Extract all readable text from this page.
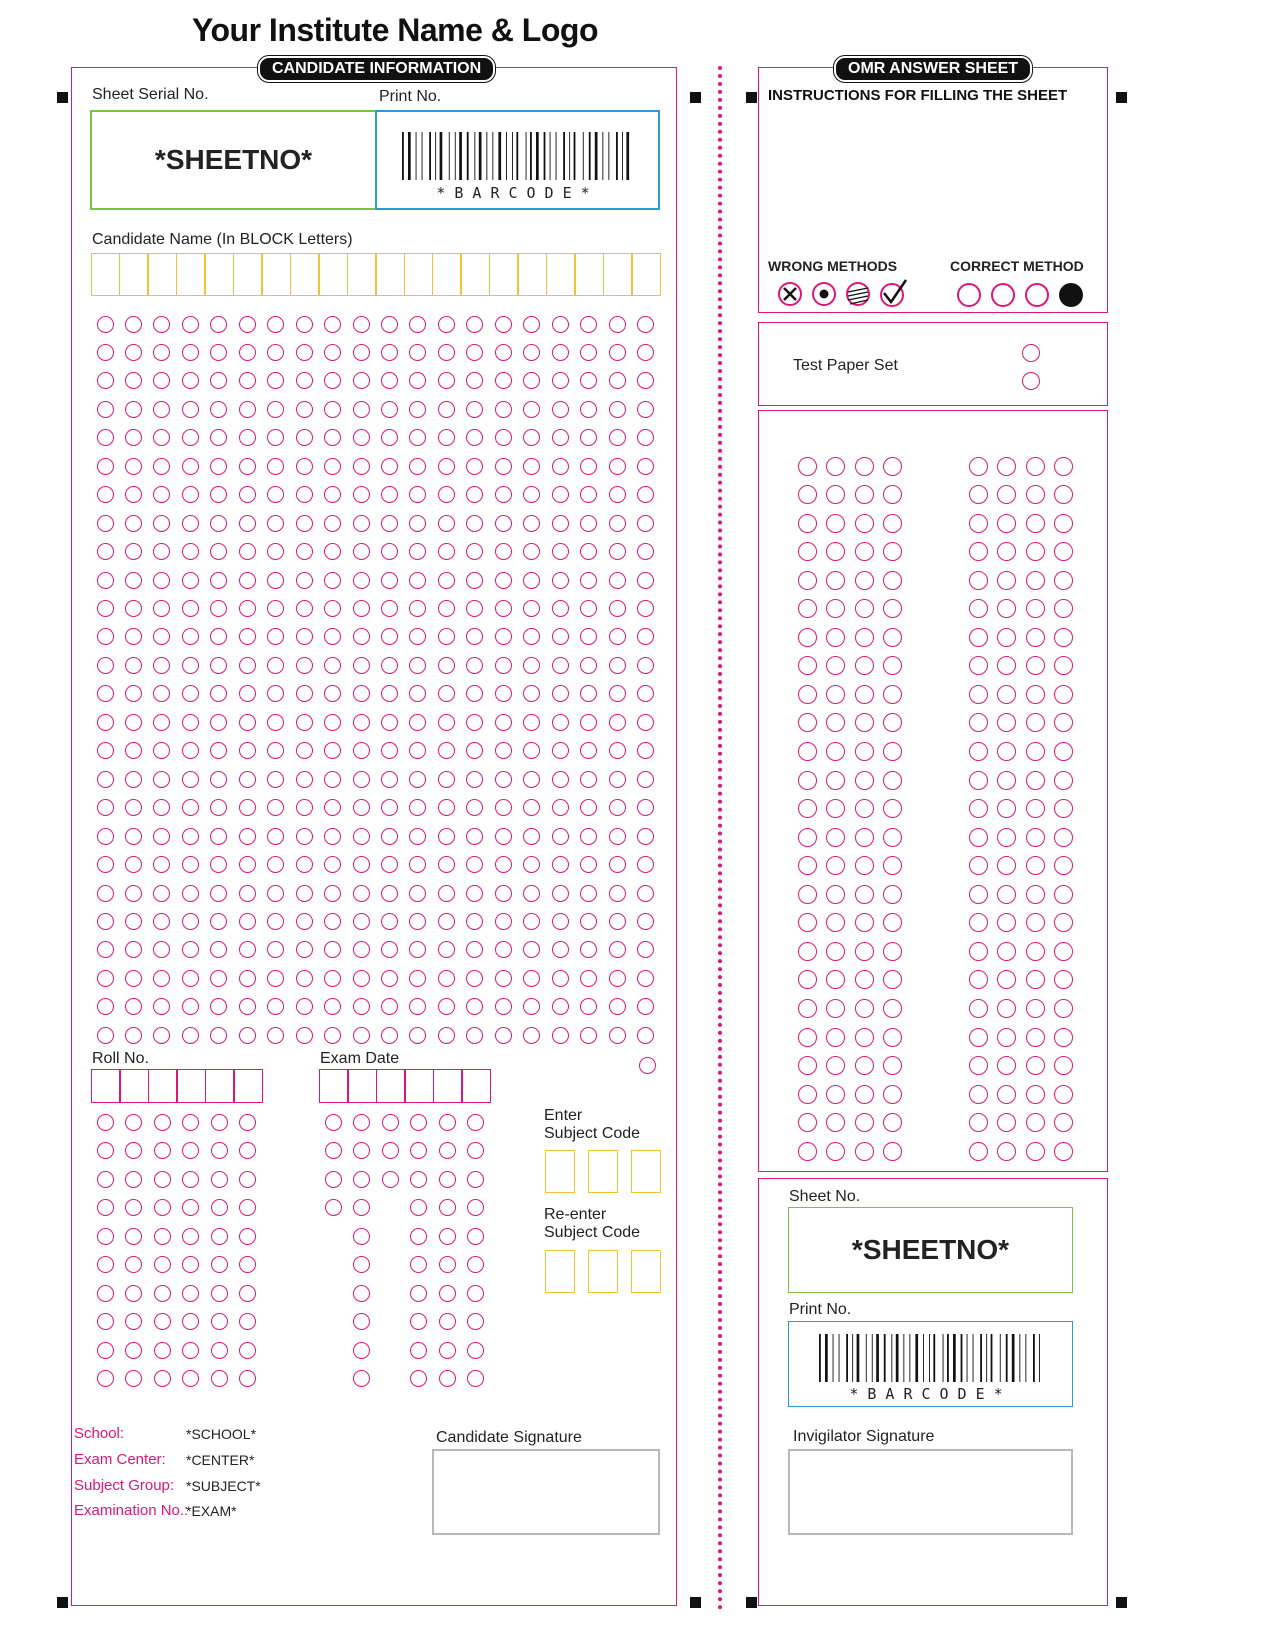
Your Institute Name & Logo
CANDIDATE INFORMATION
Sheet Serial No.	Print No.
*SHEETNO*
*BARCODE*
Candidate Name (In BLOCK Letters)
Roll No.	Exam Date
Enter
Subject Code
Re-enter
Subject Code
School:	*SCHOOL*
Exam Center: *CENTER*
Subject Group: *SUBJECT*
Examination No.:
*EXAM*
Candidate Signature
OMR ANSWER SHEET
INSTRUCTIONS FOR FILLING THE SHEET
WRONG METHODS	CORRECT METHOD
Test Paper Set
Sheet No.
*SHEETNO*
Print No.
*BARCODE*
Invigilator Signature
